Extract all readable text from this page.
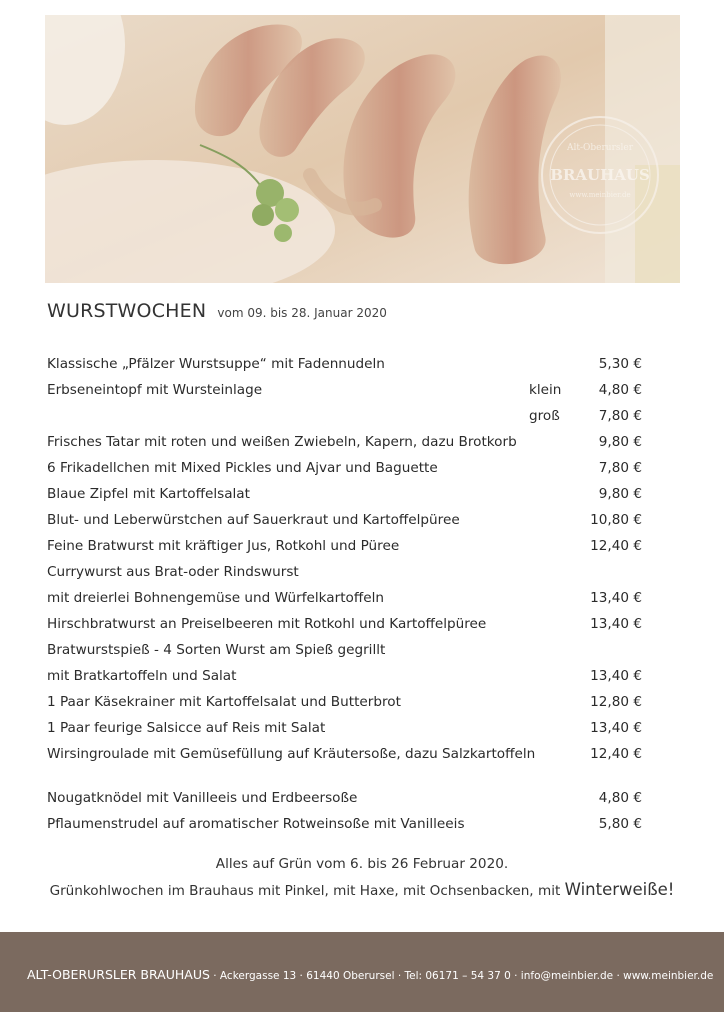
Alt-Oberursler
BRAUHAUS
www.meinbier.de
WURSTWOCHEN vom 09. bis 28. Januar 2020
Klassische „Pfälzer Wurstsuppe“ mit Fadennudeln	5,30 €
Erbseneintopf mit Wursteinlage	klein	4,80 €
groß	7,80 €
Frisches Tatar mit roten und weißen Zwiebeln, Kapern, dazu Brotkorb	9,80 €
6 Frikadellchen mit Mixed Pickles und Ajvar und Baguette	7,80 €
Blaue Zipfel mit Kartoffelsalat	9,80 €
Blut- und Leberwürstchen auf Sauerkraut und Kartoffelpüree	10,80 €
Feine Bratwurst mit kräftiger Jus, Rotkohl und Püree	12,40 €
Currywurst aus Brat-oder Rindswurst
mit dreierlei Bohnengemüse und Würfelkartoffeln	13,40 €
Hirschbratwurst an Preiselbeeren mit Rotkohl und Kartoffelpüree	13,40 €
Bratwurstspieß - 4 Sorten Wurst am Spieß gegrillt
mit Bratkartoffeln und Salat	13,40 €
1 Paar Käsekrainer mit Kartoffelsalat und Butterbrot	12,80 €
1 Paar feurige Salsicce auf Reis mit Salat	13,40 €
Wirsingroulade mit Gemüsefüllung auf Kräutersoße, dazu Salzkartoffeln	12,40 €
Nougatknödel mit Vanilleeis und Erdbeersoße	4,80 €
Pflaumenstrudel auf aromatischer Rotweinsoße mit Vanilleeis	5,80 €
Alles auf Grün vom 6. bis 26 Februar 2020.
Grünkohlwochen im Brauhaus mit Pinkel, mit Haxe, mit Ochsenbacken, mit Winterweiße!
ALT-OBERURSLER BRAUHAUS · Ackergasse 13 · 61440 Oberursel · Tel: 06171 – 54 37 0 · info@meinbier.de · www.meinbier.de
